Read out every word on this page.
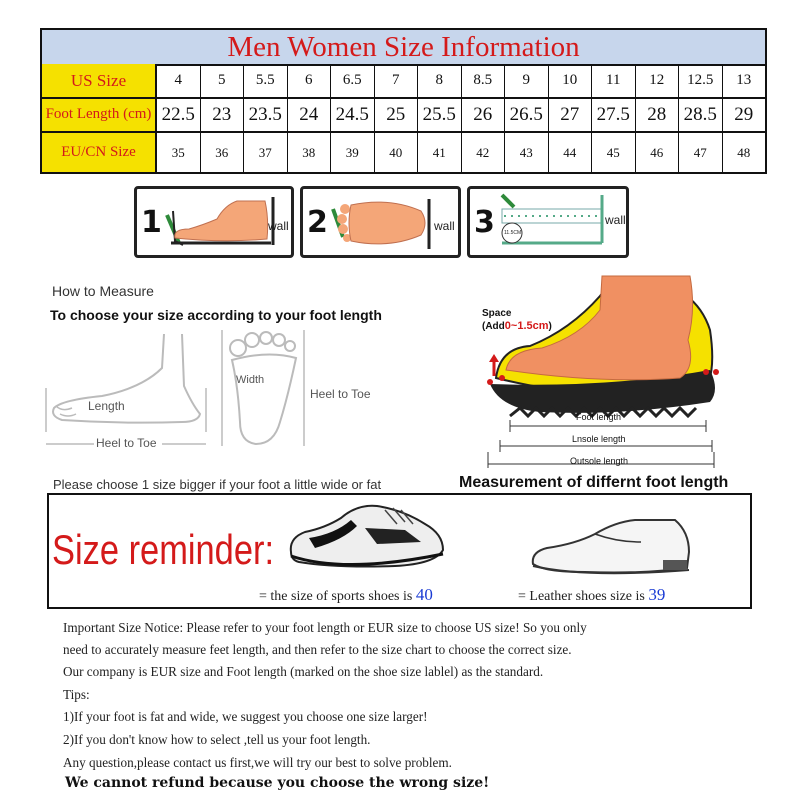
Men Women Size Information
US Size	4	5	5.5	6	6.5	7	8	8.5	9	10	11	12	12.5	13
Foot Length (cm) 22.5 23 23.5 24 24.5 25 25.5 26 26.5 27 27.5 28 28.5 29
EU/CN Size	35	36	37	38	39	40	41	42	43	44	45	46	47	48
1	wall 2	wall 3 11.5CM
wall
How to Measure
To choose your size according to your foot length
Length
Heel to Toe
Width
Heel to Toe
Please choose 1 size bigger if your foot a little wide or fat
Space
(Add0~1.5cm)
Foot length
Lnsole length
Outsole length
Measurement of differnt foot length
Size reminder:
= the size of sports shoes is 40	= Leather shoes size is 39
Important Size Notice: Please refer to your foot length or EUR size to choose US size! So you only
need to accurately measure feet length, and then refer to the size chart to choose the correct size.
Our company is EUR size and Foot length (marked on the shoe size lablel) as the standard.
Tips:
1)If your foot is fat and wide, we suggest you choose one size larger!
2)If you don't know how to select ,tell us your foot length.
Any question,please contact us first,we will try our best to solve problem.
We cannot refund because you choose the wrong size!
